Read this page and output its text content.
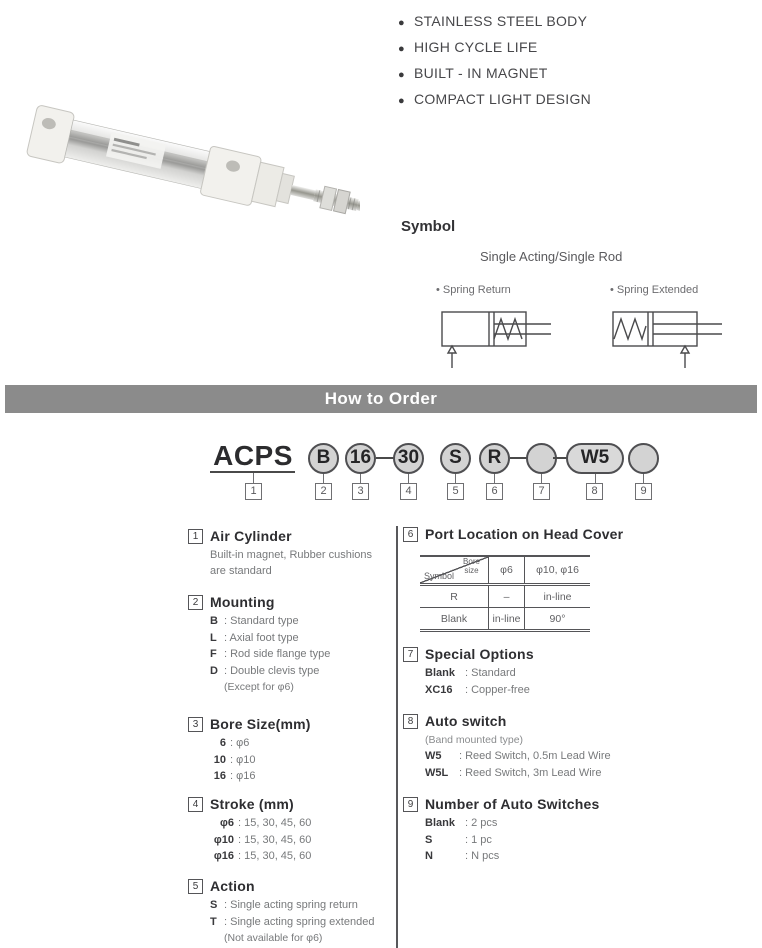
● STAINLESS STEEL BODY
● HIGH CYCLE LIFE
● BUILT - IN MAGNET
● COMPACT LIGHT DESIGN
Symbol
Single Acting/Single Rod
• Spring Return	• Spring Extended
How to Order
ACPS	B	16 30	S	R	W5
1	2	3	4	5	6	7	8	9
1 Air Cylinder
Built-in magnet, Rubber cushions
are standard
2 Mounting
B : Standard type
L : Axial foot type
F : Rod side flange type
D : Double clevis type
(Except for φ6)
3 Bore Size(mm)
6 : φ6
10 : φ10
16 : φ16
4 Stroke (mm)
φ6 : 15, 30, 45, 60
φ10 : 15, 30, 45, 60
φ16 : 15, 30, 45, 60
5 Action
S : Single acting spring return
T : Single acting spring extended
(Not available for φ6)
6 Port Location on Head Cover
Bore size
Symbol	φ6	φ10, φ16
R	–	in-line
Blank	in-line	90°
7 Special Options
Blank : Standard
XC16 : Copper-free
8 Auto switch
(Band mounted type)
W5 : Reed Switch, 0.5m Lead Wire
W5L : Reed Switch, 3m Lead Wire
9 Number of Auto Switches
Blank : 2 pcs
S	: 1 pc
N	: N pcs
